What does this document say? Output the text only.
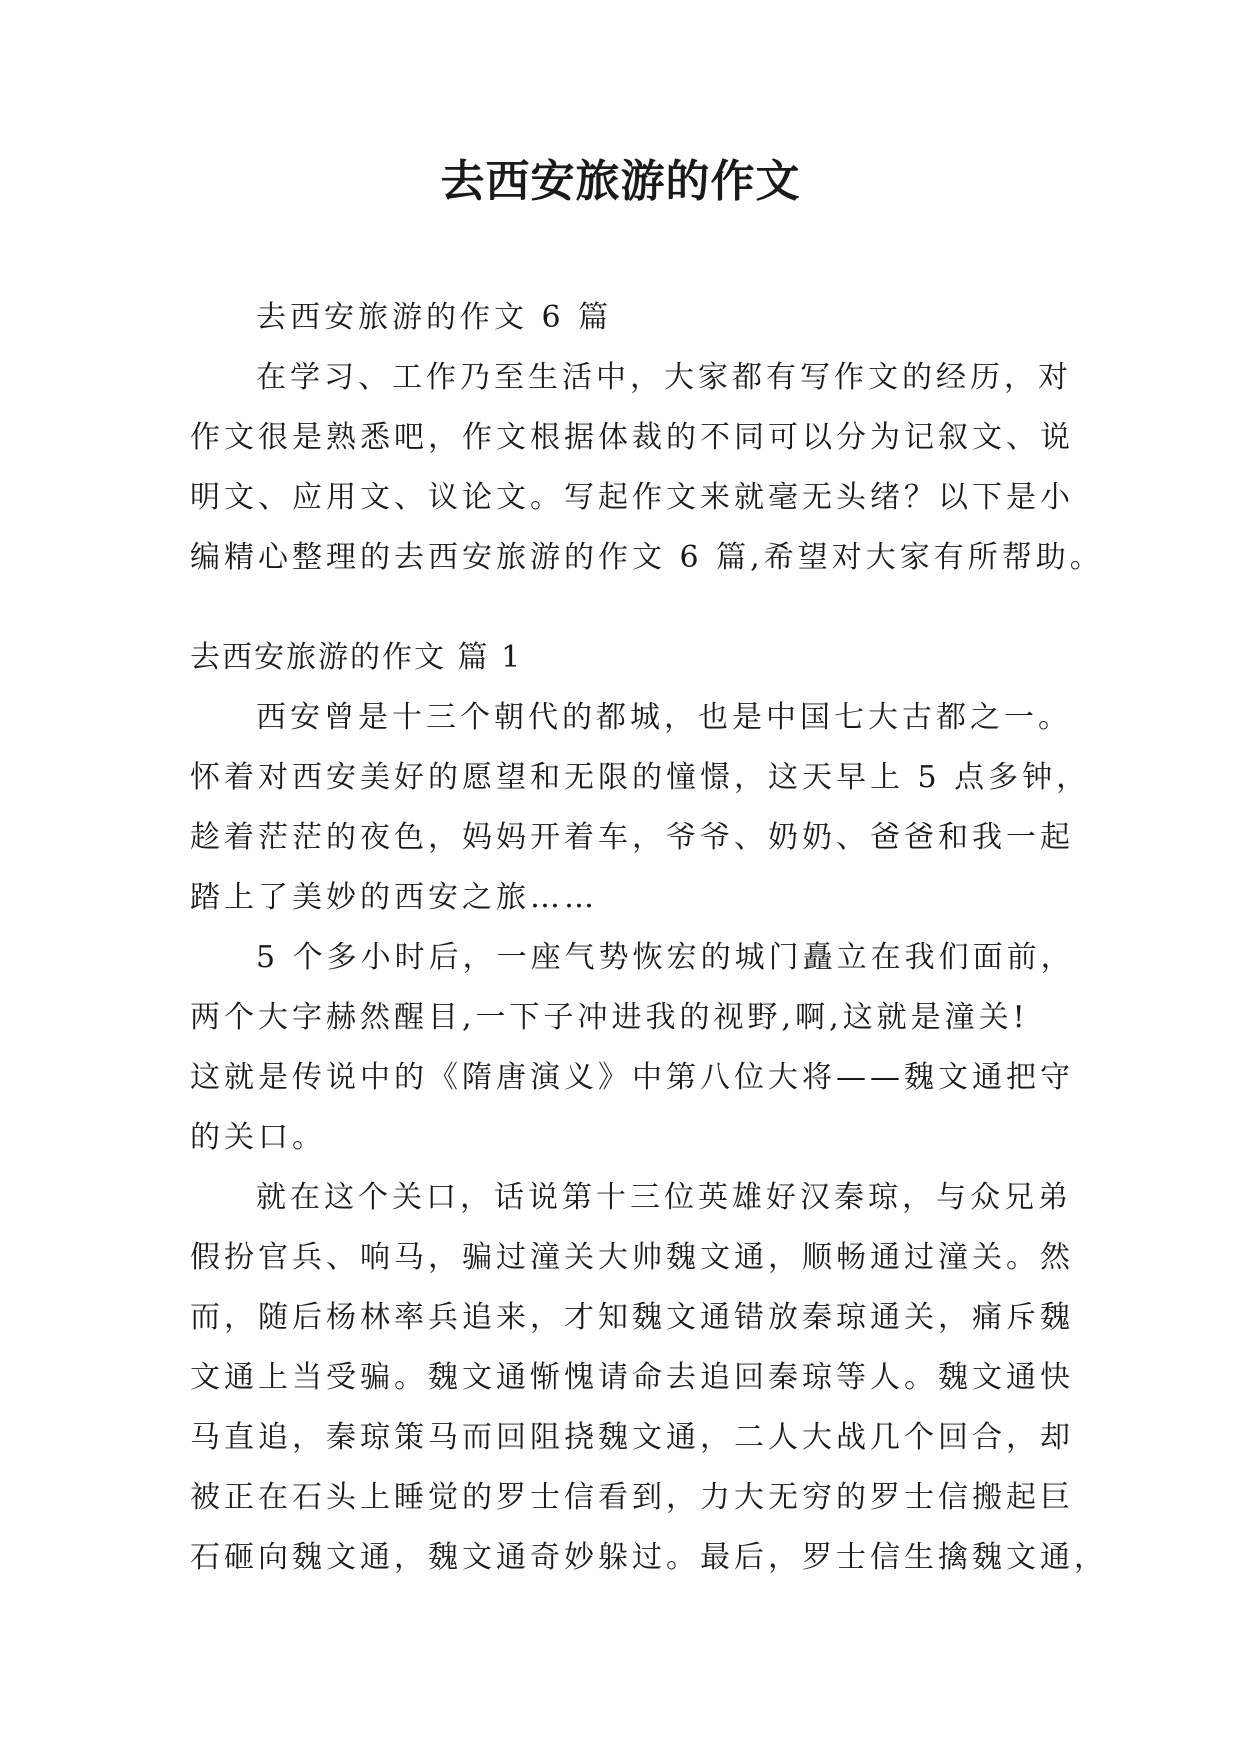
去西安旅游的作文

去西安旅游的作文 6 篇

在学习、工作乃至生活中，大家都有写作文的经历，对

作文很是熟悉吧，作文根据体裁的不同可以分为记叙文、说

明文、应用文、议论文。写起作文来就毫无头绪？以下是小

编精心整理的去西安旅游的作文 6 篇,希望对大家有所帮助。

去西安旅游的作文 篇 1

西安曾是十三个朝代的都城，也是中国七大古都之一。

怀着对西安美好的愿望和无限的憧憬，这天早上 5 点多钟，

趁着茫茫的夜色，妈妈开着车，爷爷、奶奶、爸爸和我一起

踏上了美妙的西安之旅……

5 个多小时后，一座气势恢宏的城门矗立在我们面前，

两个大字赫然醒目,一下子冲进我的视野,啊,这就是潼关!

这就是传说中的《隋唐演义》中第八位大将——魏文通把守

的关口。

就在这个关口，话说第十三位英雄好汉秦琼，与众兄弟

假扮官兵、响马，骗过潼关大帅魏文通，顺畅通过潼关。然

而，随后杨林率兵追来，才知魏文通错放秦琼通关，痛斥魏

文通上当受骗。魏文通惭愧请命去追回秦琼等人。魏文通快

马直追，秦琼策马而回阻挠魏文通，二人大战几个回合，却

被正在石头上睡觉的罗士信看到，力大无穷的罗士信搬起巨

石砸向魏文通，魏文通奇妙躲过。最后，罗士信生擒魏文通，
